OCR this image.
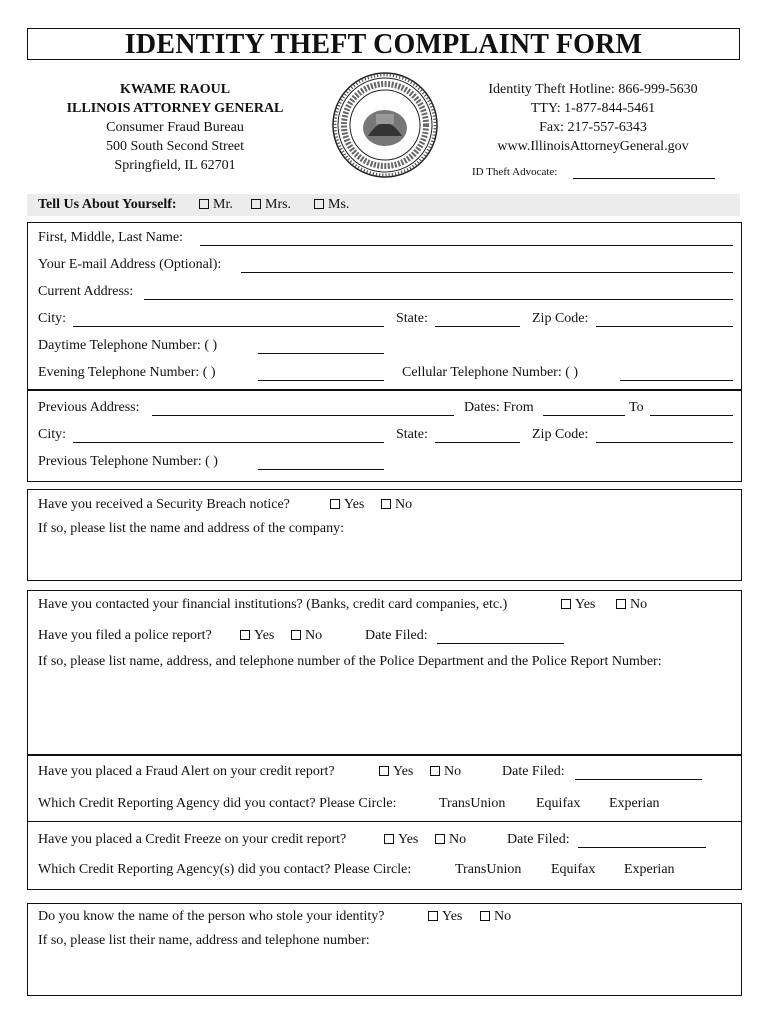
IDENTITY THEFT COMPLAINT FORM
KWAME RAOUL
ILLINOIS ATTORNEY GENERAL
Consumer Fraud Bureau
500 South Second Street
Springfield, IL 62701
Identity Theft Hotline: 866-999-5630
TTY: 1-877-844-5461
Fax: 217-557-6343
www.IllinoisAttorneyGeneral.gov
ID Theft Advocate:
Tell Us About Yourself:	Mr.	Mrs.	Ms.
First, Middle, Last Name:
Your E-mail Address (Optional):
Current Address:
City:	State:	Zip Code:
Daytime Telephone Number: ( )
Evening Telephone Number: ( )	Cellular Telephone Number: ( )
Previous Address:	Dates: From	To
City:	State:	Zip Code:
Previous Telephone Number: ( )
Have you received a Security Breach notice?	Yes	No
If so, please list the name and address of the company:
Have you contacted your financial institutions? (Banks, credit card companies, etc.)	Yes	No
Have you filed a police report?	Yes	No	Date Filed:
If so, please list name, address, and telephone number of the Police Department and the Police Report Number:
Have you placed a Fraud Alert on your credit report?	Yes	No	Date Filed:
Which Credit Reporting Agency did you contact? Please Circle:	TransUnion Equifax Experian
Have you placed a Credit Freeze on your credit report?	Yes	No	Date Filed:
Which Credit Reporting Agency(s) did you contact? Please Circle:	TransUnion Equifax Experian
Do you know the name of the person who stole your identity?	Yes	No
If so, please list their name, address and telephone number:
